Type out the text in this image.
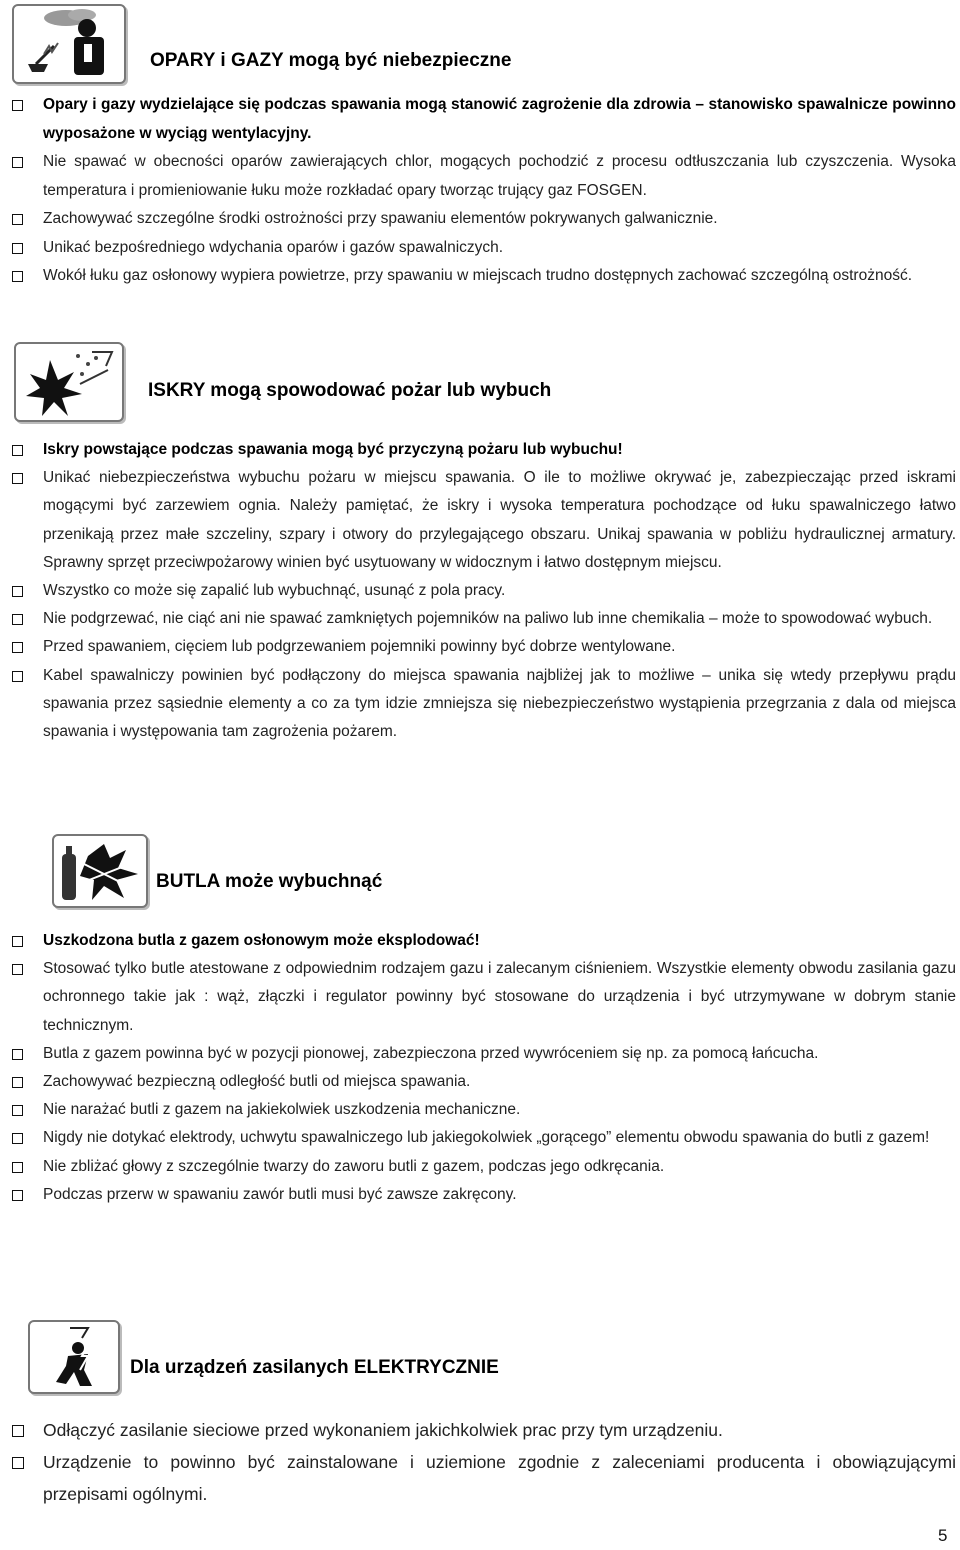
OPARY i GAZY mogą być niebezpieczne
Opary i gazy wydzielające się podczas spawania mogą stanowić zagrożenie dla zdrowia – stanowisko spawalnicze powinno wyposażone w wyciąg wentylacyjny.
Nie spawać w obecności oparów zawierających chlor, mogących pochodzić z procesu odtłuszczania lub czyszczenia. Wysoka temperatura i promieniowanie łuku może rozkładać opary tworząc trujący gaz FOSGEN.
Zachowywać szczególne środki ostrożności przy spawaniu elementów pokrywanych galwanicznie.
Unikać bezpośredniego wdychania oparów i gazów spawalniczych.
Wokół łuku gaz osłonowy wypiera powietrze, przy spawaniu w miejscach trudno dostępnych zachować szczególną ostrożność.
ISKRY mogą spowodować pożar lub wybuch
Iskry powstające podczas spawania mogą być przyczyną pożaru lub wybuchu!
Unikać niebezpieczeństwa wybuchu pożaru w miejscu spawania. O ile to możliwe okrywać je, zabezpieczając przed iskrami mogącymi być zarzewiem ognia. Należy pamiętać, że iskry i wysoka temperatura pochodzące od łuku spawalniczego łatwo przenikają przez małe szczeliny, szpary i otwory do przylegającego obszaru. Unikaj spawania w pobliżu hydraulicznej armatury. Sprawny sprzęt przeciwpożarowy winien być usytuowany w widocznym i łatwo dostępnym miejscu.
Wszystko co może się zapalić lub wybuchnąć, usunąć z pola pracy.
Nie podgrzewać, nie ciąć ani nie spawać zamkniętych pojemników na paliwo lub inne chemikalia – może to spowodować wybuch.
Przed spawaniem, cięciem lub podgrzewaniem pojemniki powinny być dobrze wentylowane.
Kabel spawalniczy powinien być podłączony do miejsca spawania najbliżej jak to możliwe – unika się wtedy przepływu prądu spawania przez sąsiednie elementy a co za tym idzie zmniejsza się niebezpieczeństwo wystąpienia przegrzania z dala od miejsca spawania i występowania tam zagrożenia pożarem.
BUTLA może wybuchnąć
Uszkodzona butla z gazem osłonowym może eksplodować!
Stosować tylko butle atestowane z odpowiednim rodzajem gazu i zalecanym ciśnieniem. Wszystkie elementy obwodu zasilania gazu ochronnego takie jak : wąż, złączki i regulator powinny być stosowane do urządzenia i być utrzymywane w dobrym stanie technicznym.
Butla z gazem powinna być w pozycji pionowej, zabezpieczona przed wywróceniem się np. za pomocą łańcucha.
Zachowywać bezpieczną odległość butli od miejsca spawania.
Nie narażać butli z gazem na jakiekolwiek uszkodzenia mechaniczne.
Nigdy nie dotykać elektrody, uchwytu spawalniczego lub jakiegokolwiek „gorącego” elementu obwodu spawania do butli z gazem!
Nie zbliżać głowy z szczególnie twarzy do zaworu butli z gazem, podczas jego odkręcania.
Podczas przerw w spawaniu zawór butli musi być zawsze zakręcony.
Dla urządzeń zasilanych ELEKTRYCZNIE
Odłączyć zasilanie sieciowe przed wykonaniem jakichkolwiek prac przy tym urządzeniu.
Urządzenie to powinno być zainstalowane i uziemione zgodnie z zaleceniami producenta i obowiązującymi przepisami ogólnymi.
5
